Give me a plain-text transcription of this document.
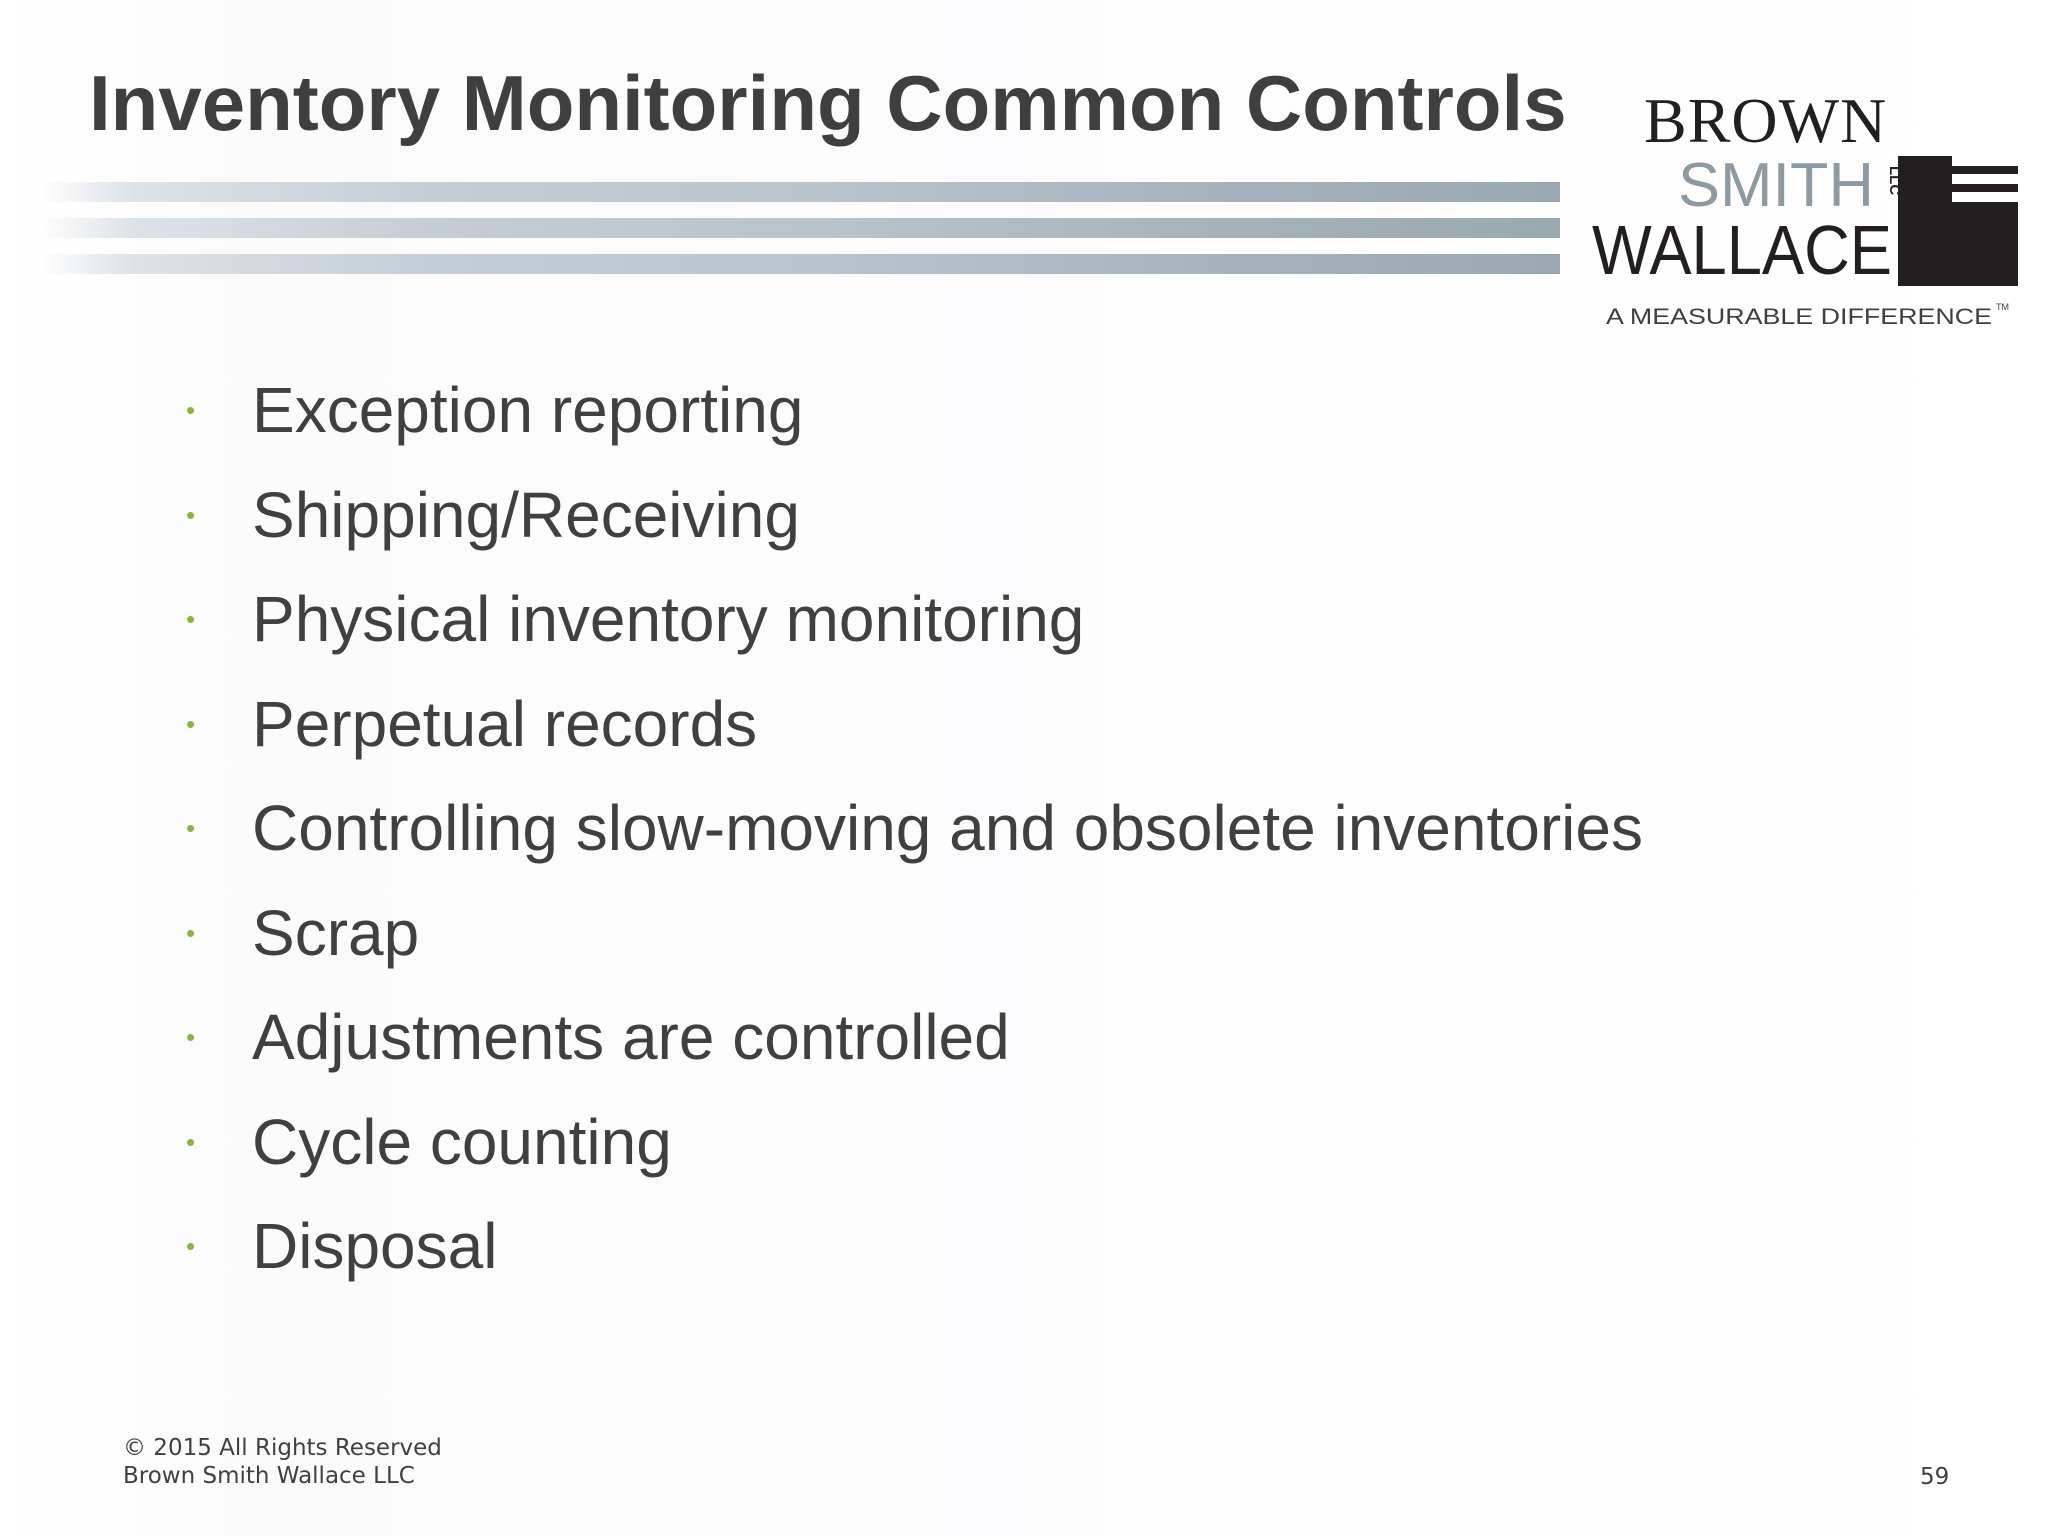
Inventory Monitoring Common Controls BROWN
SMITH LLC
WALLACE
A MEASURABLE DIFFERENCE TM
• Exception reporting
• Shipping/Receiving
• Physical inventory monitoring
• Perpetual records
• Controlling slow-moving and obsolete inventories
• Scrap
• Adjustments are controlled
• Cycle counting
• Disposal
© 2015 All Rights Reserved
Brown Smith Wallace LLC	59
